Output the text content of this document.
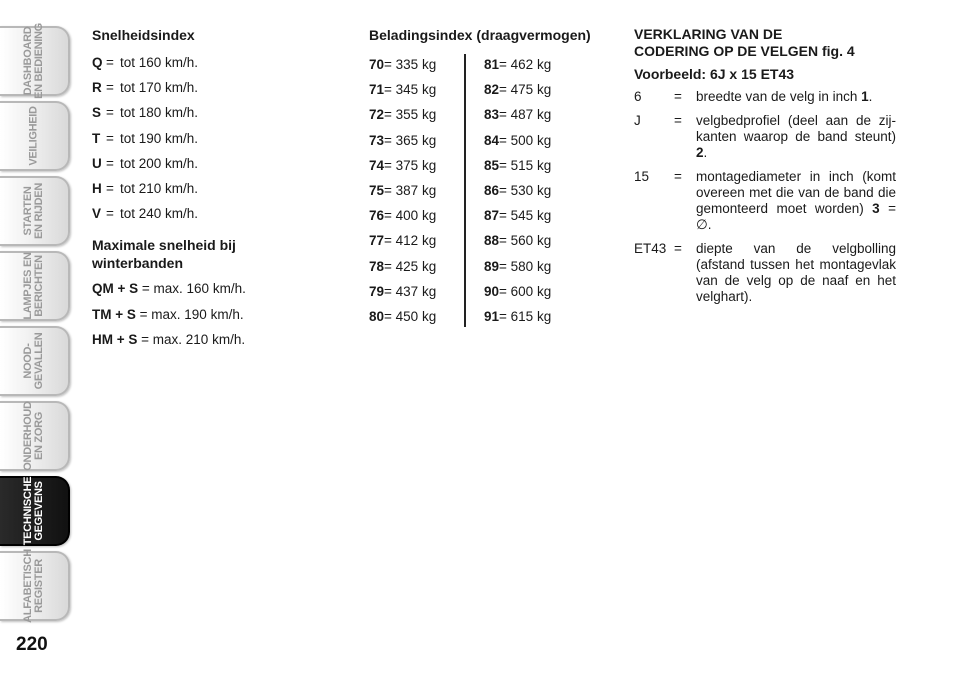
DASHBOARD
EN BEDIENING
VEILIGHEID
STARTEN
EN RIJDEN
LAMPJES EN
BERICHTEN
NOOD-
GEVALLEN
ONDERHOUD
EN ZORG
TECHNISCHE
GEGEVENS
ALFABETISCH
REGISTER
220
Snelheidsindex
Q = tot 160 km/h.
R = tot 170 km/h.
S = tot 180 km/h.
T = tot 190 km/h.
U = tot 200 km/h.
H = tot 210 km/h.
V = tot 240 km/h.
Maximale snelheid bij
winterbanden
QM + S
= max. 160 km/h.
TM + S
= max. 190 km/h.
HM + S
= max. 210 km/h.
Beladingsindex (draagvermogen)
70 = 335 kg
71 = 345 kg
72 = 355 kg
73 = 365 kg
74 = 375 kg
75 = 387 kg
76 = 400 kg
77 = 412 kg
78 = 425 kg
79 = 437 kg
80 = 450 kg
81 = 462 kg
82 = 475 kg
83 = 487 kg
84 = 500 kg
85 = 515 kg
86 = 530 kg
87 = 545 kg
88 = 560 kg
89 = 580 kg
90 = 600 kg
91 = 615 kg
VERKLARING VAN DE
CODERING OP DE VELGEN fig. 4
Voorbeeld: 6J x 15 ET43
6	=	breedte van de velg in inch 1.
J	=	velgbedprofiel (deel aan de zij-kanten waarop de band steunt) 2.
15	=	montagediameter in inch (komt overeen met die van de band die gemonteerd moet worden) 3 = ∅.
ET43 =	diepte van de velgbolling (afstand tussen het montagevlak van de velg op de naaf en het velghart).
